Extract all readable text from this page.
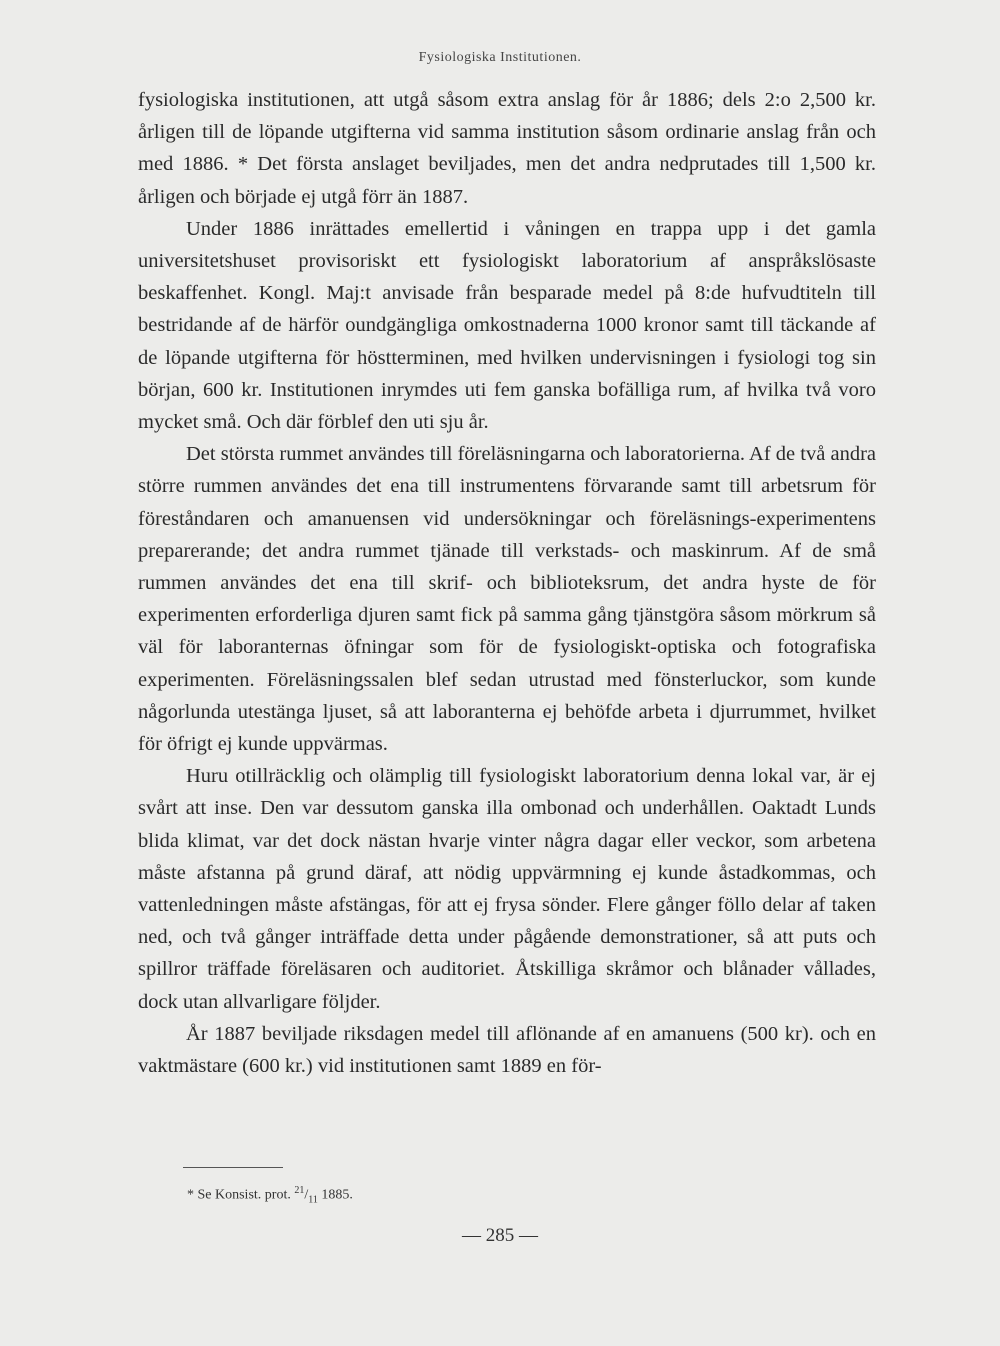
Fysiologiska Institutionen.

fysiologiska institutionen, att utgå såsom extra anslag för år 1886; dels 2:o 2,500 kr. årligen till de löpande utgifterna vid samma institution såsom ordinarie anslag från och med 1886. * Det första anslaget beviljades, men det andra nedprutades till 1,500 kr. årligen och började ej utgå förr än 1887.

Under 1886 inrättades emellertid i våningen en trappa upp i det gamla universitetshuset provisoriskt ett fysiologiskt laboratorium af anspråkslösaste beskaffenhet. Kongl. Maj:t anvisade från besparade medel på 8:de hufvudtiteln till bestridande af de härför oundgängliga omkostnaderna 1000 kronor samt till täckande af de löpande utgifterna för höstterminen, med hvilken undervisningen i fysiologi tog sin början, 600 kr. Institutionen inrymdes uti fem ganska bofälliga rum, af hvilka två voro mycket små. Och där förblef den uti sju år.

Det största rummet användes till föreläsningarna och laboratorierna. Af de två andra större rummen användes det ena till instrumentens förvarande samt till arbetsrum för föreståndaren och amanuensen vid undersökningar och föreläsnings-experimentens preparerande; det andra rummet tjänade till verkstads- och maskinrum. Af de små rummen användes det ena till skrif- och biblioteksrum, det andra hyste de för experimenten erforderliga djuren samt fick på samma gång tjänstgöra såsom mörkrum så väl för laboranternas öfningar som för de fysiologiskt-optiska och fotografiska experimenten. Föreläsningssalen blef sedan utrustad med fönsterluckor, som kunde någorlunda utestänga ljuset, så att laboranterna ej behöfde arbeta i djurrummet, hvilket för öfrigt ej kunde uppvärmas.

Huru otillräcklig och olämplig till fysiologiskt laboratorium denna lokal var, är ej svårt att inse. Den var dessutom ganska illa ombonad och underhållen. Oaktadt Lunds blida klimat, var det dock nästan hvarje vinter några dagar eller veckor, som arbetena måste afstanna på grund däraf, att nödig uppvärmning ej kunde åstadkommas, och vattenledningen måste afstängas, för att ej frysa sönder. Flere gånger föllo delar af taken ned, och två gånger inträffade detta under pågående demonstrationer, så att puts och spillror träffade föreläsaren och auditoriet. Åtskilliga skråmor och blånader vållades, dock utan allvarligare följder.

År 1887 beviljade riksdagen medel till aflönande af en amanuens (500 kr). och en vaktmästare (600 kr.) vid institutionen samt 1889 en för-

* Se Konsist. prot. $^{21}/_{11}$ 1885.
— 285 —
